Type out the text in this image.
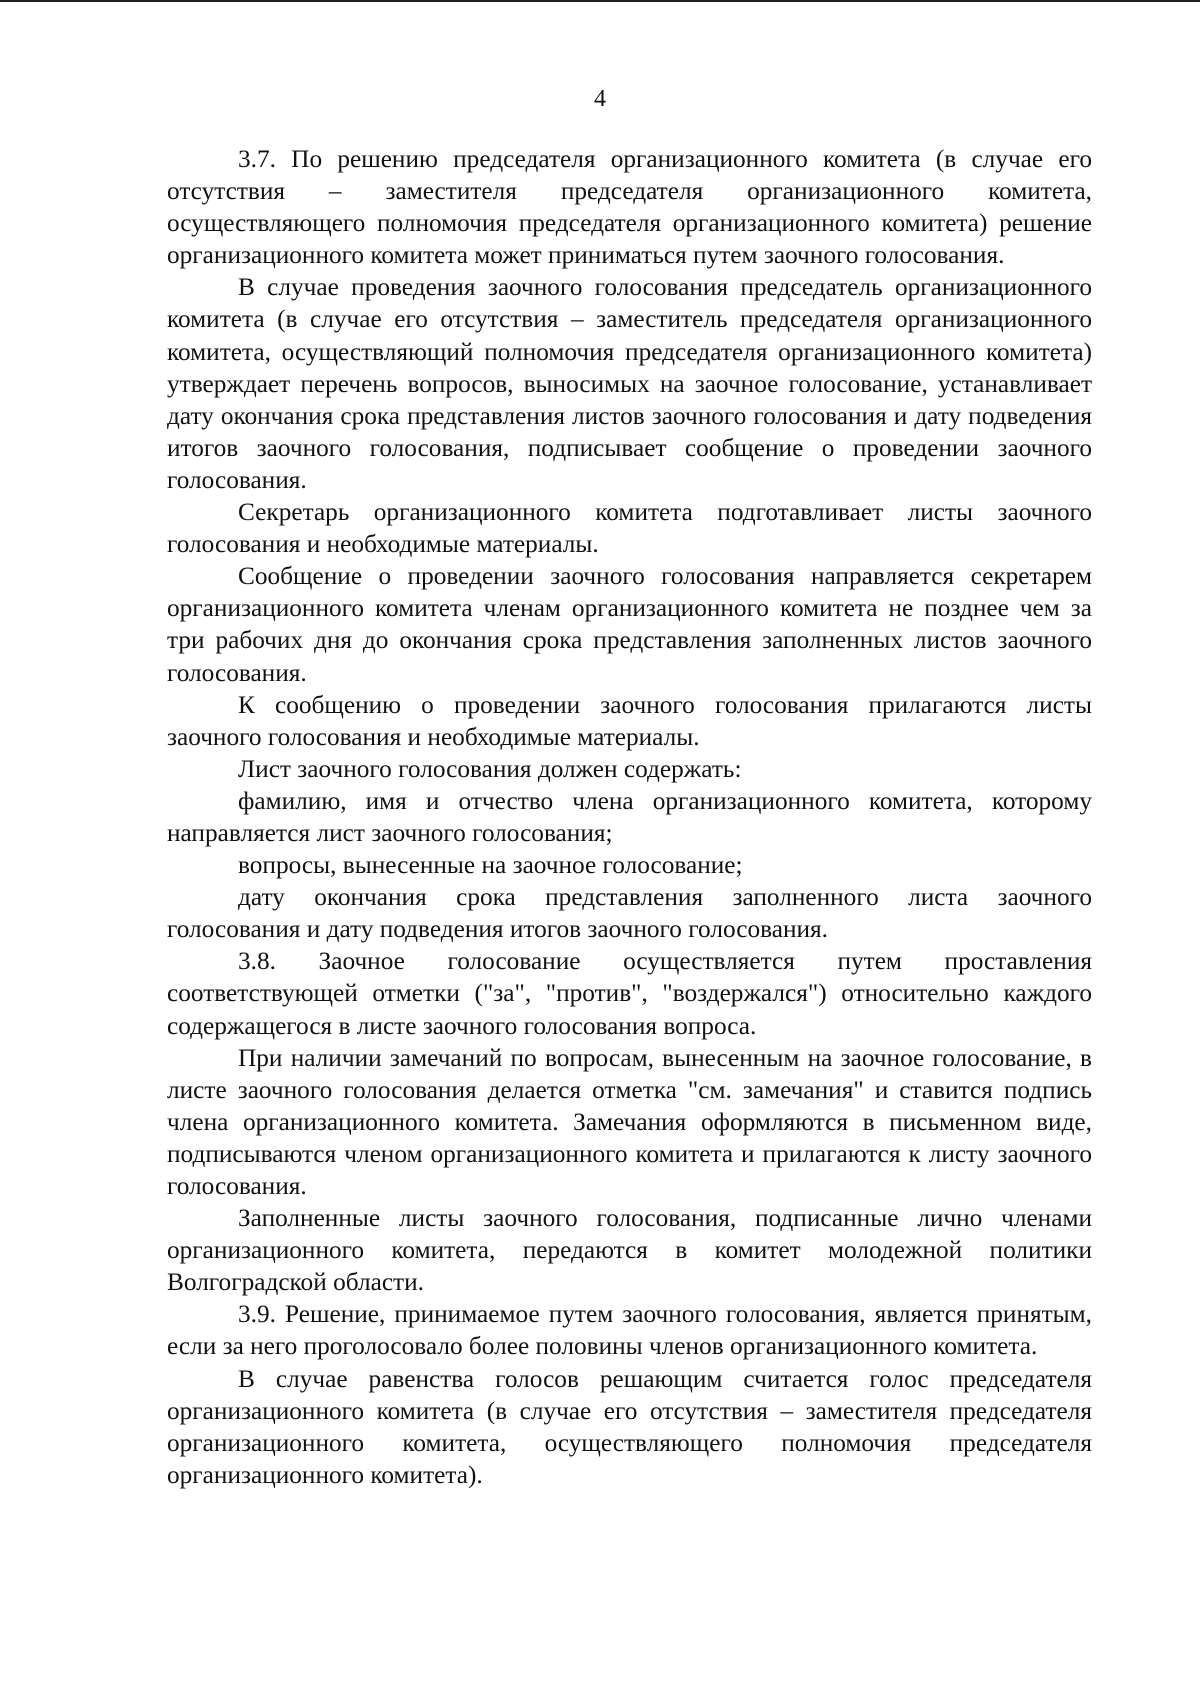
4

3.7. По решению председателя организационного комитета (в случае его отсутствия – заместителя председателя организационного комитета, осуществляющего полномочия председателя организационного комитета) решение организационного комитета может приниматься путем заочного голосования.

В случае проведения заочного голосования председатель организационного комитета (в случае его отсутствия – заместитель председателя организационного комитета, осуществляющий полномочия председателя организационного комитета) утверждает перечень вопросов, выносимых на заочное голосование, устанавливает дату окончания срока представления листов заочного голосования и дату подведения итогов заочного голосования, подписывает сообщение о проведении заочного голосования.

Секретарь организационного комитета подготавливает листы заочного голосования и необходимые материалы.

Сообщение о проведении заочного голосования направляется секретарем организационного комитета членам организационного комитета не позднее чем за три рабочих дня до окончания срока представления заполненных листов заочного голосования.

К сообщению о проведении заочного голосования прилагаются листы заочного голосования и необходимые материалы.

Лист заочного голосования должен содержать:

фамилию, имя и отчество члена организационного комитета, которому направляется лист заочного голосования;

вопросы, вынесенные на заочное голосование;

дату окончания срока представления заполненного листа заочного голосования и дату подведения итогов заочного голосования.

3.8. Заочное голосование осуществляется путем проставления соответствующей отметки ("за", "против", "воздержался") относительно каждого содержащегося в листе заочного голосования вопроса.

При наличии замечаний по вопросам, вынесенным на заочное голосование, в листе заочного голосования делается отметка "см. замечания" и ставится подпись члена организационного комитета. Замечания оформляются в письменном виде, подписываются членом организационного комитета и прилагаются к листу заочного голосования.

Заполненные листы заочного голосования, подписанные лично членами организационного комитета, передаются в комитет молодежной политики Волгоградской области.

3.9. Решение, принимаемое путем заочного голосования, является принятым, если за него проголосовало более половины членов организационного комитета.

В случае равенства голосов решающим считается голос председателя организационного комитета (в случае его отсутствия – заместителя председателя организационного комитета, осуществляющего полномочия председателя организационного комитета).
